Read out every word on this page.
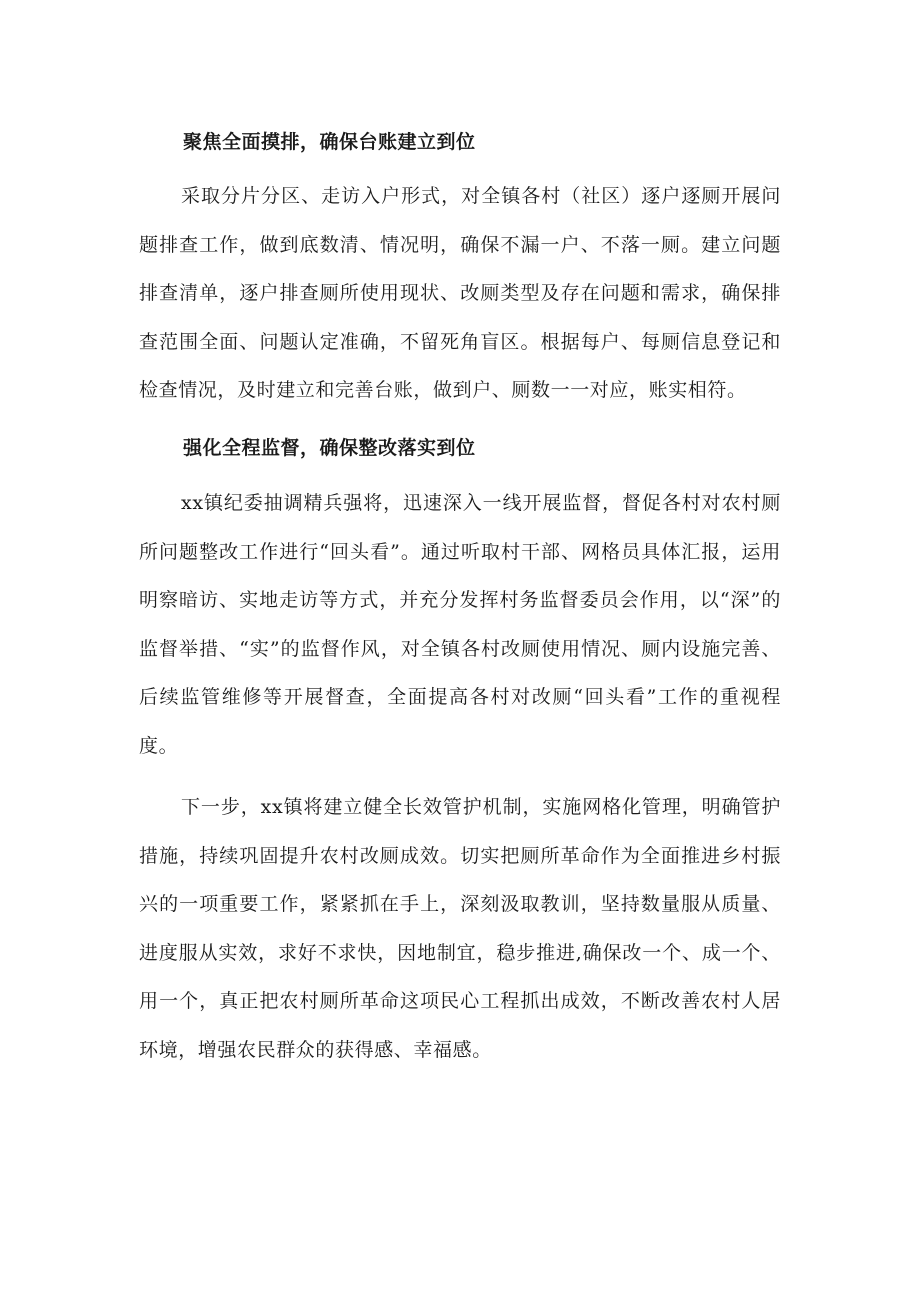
聚焦全面摸排，确保台账建立到位
采取分片分区、走访入户形式，对全镇各村（社区）逐户逐厕开展问题排查工作，做到底数清、情况明，确保不漏一户、不落一厕。建立问题排查清单，逐户排查厕所使用现状、改厕类型及存在问题和需求，确保排查范围全面、问题认定准确，不留死角盲区。根据每户、每厕信息登记和检查情况，及时建立和完善台账，做到户、厕数一一对应，账实相符。
强化全程监督，确保整改落实到位
xx镇纪委抽调精兵强将，迅速深入一线开展监督，督促各村对农村厕所问题整改工作进行“回头看”。通过听取村干部、网格员具体汇报，运用明察暗访、实地走访等方式，并充分发挥村务监督委员会作用，以“深”的监督举措、“实”的监督作风，对全镇各村改厕使用情况、厕内设施完善、后续监管维修等开展督查，全面提高各村对改厕“回头看”工作的重视程度。
下一步，xx镇将建立健全长效管护机制，实施网格化管理，明确管护措施，持续巩固提升农村改厕成效。切实把厕所革命作为全面推进乡村振兴的一项重要工作，紧紧抓在手上，深刻汲取教训，坚持数量服从质量、进度服从实效，求好不求快，因地制宜，稳步推进,确保改一个、成一个、用一个，真正把农村厕所革命这项民心工程抓出成效，不断改善农村人居环境，增强农民群众的获得感、幸福感。
